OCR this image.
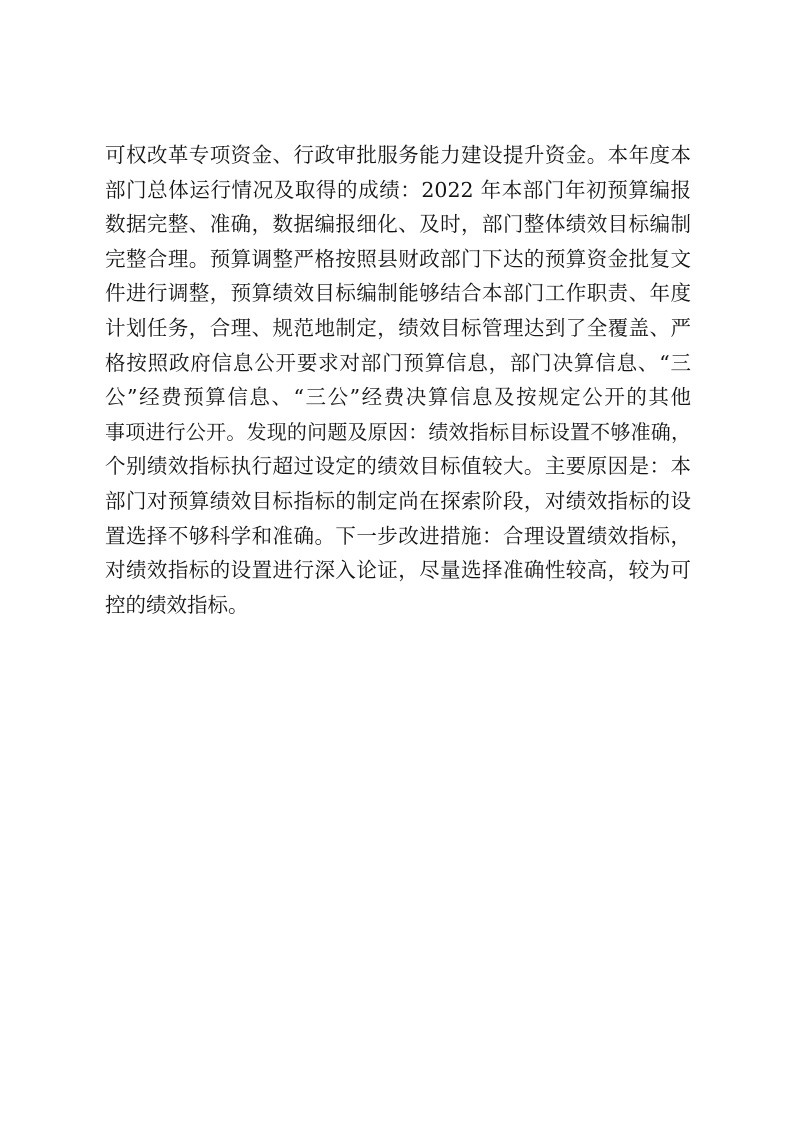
可权改革专项资金、行政审批服务能力建设提升资金。本年度本
部门总体运行情况及取得的成绩：2022 年本部门年初预算编报
数据完整、准确，数据编报细化、及时，部门整体绩效目标编制
完整合理。预算调整严格按照县财政部门下达的预算资金批复文
件进行调整，预算绩效目标编制能够结合本部门工作职责、年度
计划任务，合理、规范地制定，绩效目标管理达到了全覆盖、严
格按照政府信息公开要求对部门预算信息，部门决算信息、“三
公”经费预算信息、“三公”经费决算信息及按规定公开的其他
事项进行公开。发现的问题及原因：绩效指标目标设置不够准确，
个别绩效指标执行超过设定的绩效目标值较大。主要原因是：本
部门对预算绩效目标指标的制定尚在探索阶段，对绩效指标的设
置选择不够科学和准确。下一步改进措施：合理设置绩效指标，
对绩效指标的设置进行深入论证，尽量选择准确性较高，较为可
控的绩效指标。
